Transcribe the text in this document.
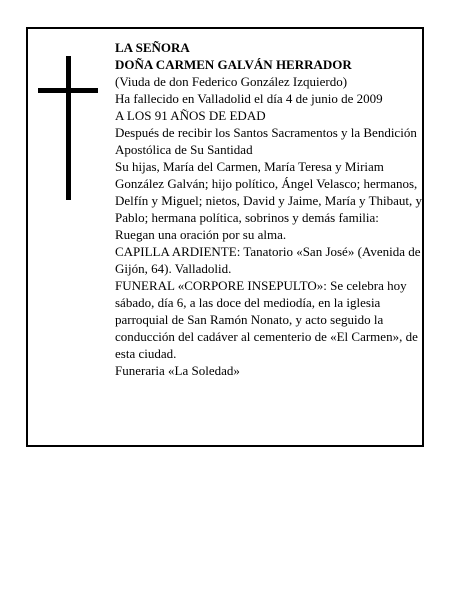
LA SEÑORA

DOÑA CARMEN GALVÁN HERRADOR

(Viuda de don Federico González Izquierdo)

Ha fallecido en Valladolid el día 4 de junio de 2009

A LOS 91 AÑOS DE EDAD

Después de recibir los Santos Sacramentos y la Bendición Apostólica de Su Santidad

Su hijas, María del Carmen, María Teresa y Miriam González Galván; hijo político, Ángel Velasco; hermanos, Delfín y Miguel; nietos, David y Jaime, María y Thibaut, y Pablo; hermana política, sobrinos y demás familia:

Ruegan una oración por su alma.

CAPILLA ARDIENTE: Tanatorio «San José» (Avenida de Gijón, 64). Valladolid.

FUNERAL «CORPORE INSEPULTO»: Se celebra hoy sábado, día 6, a las doce del mediodía, en la iglesia parroquial de San Ramón Nonato, y acto seguido la conducción del cadáver al cementerio de «El Carmen», de esta ciudad.

Funeraria «La Soledad»
